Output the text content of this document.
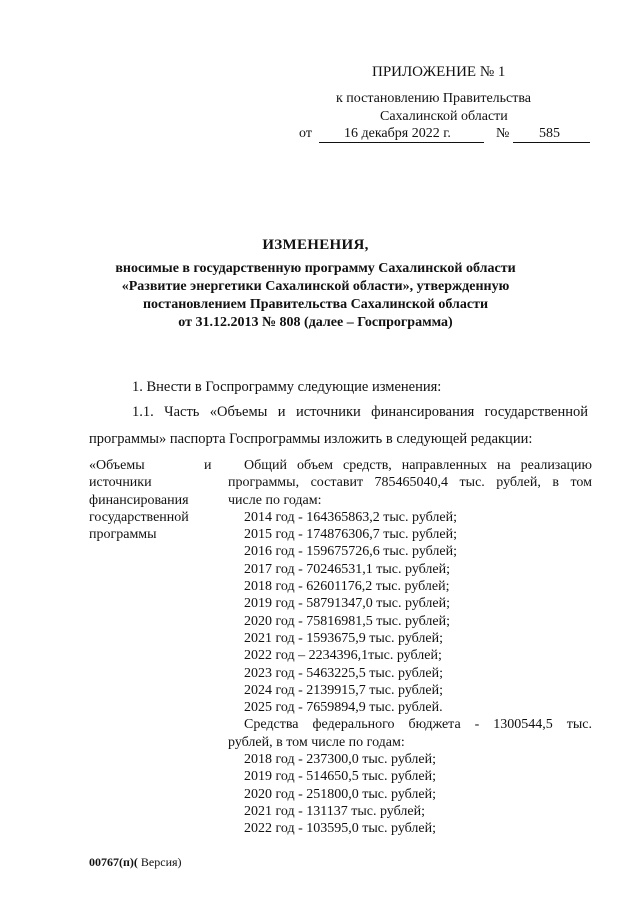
ПРИЛОЖЕНИЕ № 1
к постановлению Правительства
Сахалинской области
от 16 декабря 2022 г.	№ 585
ИЗМЕНЕНИЯ,
вносимые в государственную программу Сахалинской области
«Развитие энергетики Сахалинской области», утвержденную
постановлением Правительства Сахалинской области
от 31.12.2013 № 808 (далее – Госпрограмма)
1. Внести в Госпрограмму следующие изменения:
1.1. Часть «Объемы и источники финансирования государственной
программы» паспорта Госпрограммы изложить в следующей редакции:
«Объемы	и
источники
финансирования
государственной
программы
Общий объем средств, направленных на реализацию
программы, составит 785465040,4 тыс. рублей, в том
числе по годам:
2014 год - 164365863,2 тыс. рублей;
2015 год - 174876306,7 тыс. рублей;
2016 год - 159675726,6 тыс. рублей;
2017 год - 70246531,1 тыс. рублей;
2018 год - 62601176,2 тыс. рублей;
2019 год - 58791347,0 тыс. рублей;
2020 год - 75816981,5 тыс. рублей;
2021 год - 1593675,9 тыс. рублей;
2022 год – 2234396,1тыс. рублей;
2023 год - 5463225,5 тыс. рублей;
2024 год - 2139915,7 тыс. рублей;
2025 год - 7659894,9 тыс. рублей.
Средства федерального бюджета - 1300544,5 тыс.
рублей, в том числе по годам:
2018 год - 237300,0 тыс. рублей;
2019 год - 514650,5 тыс. рублей;
2020 год - 251800,0 тыс. рублей;
2021 год - 131137 тыс. рублей;
2022 год - 103595,0 тыс. рублей;
00767(п)( Версия)
